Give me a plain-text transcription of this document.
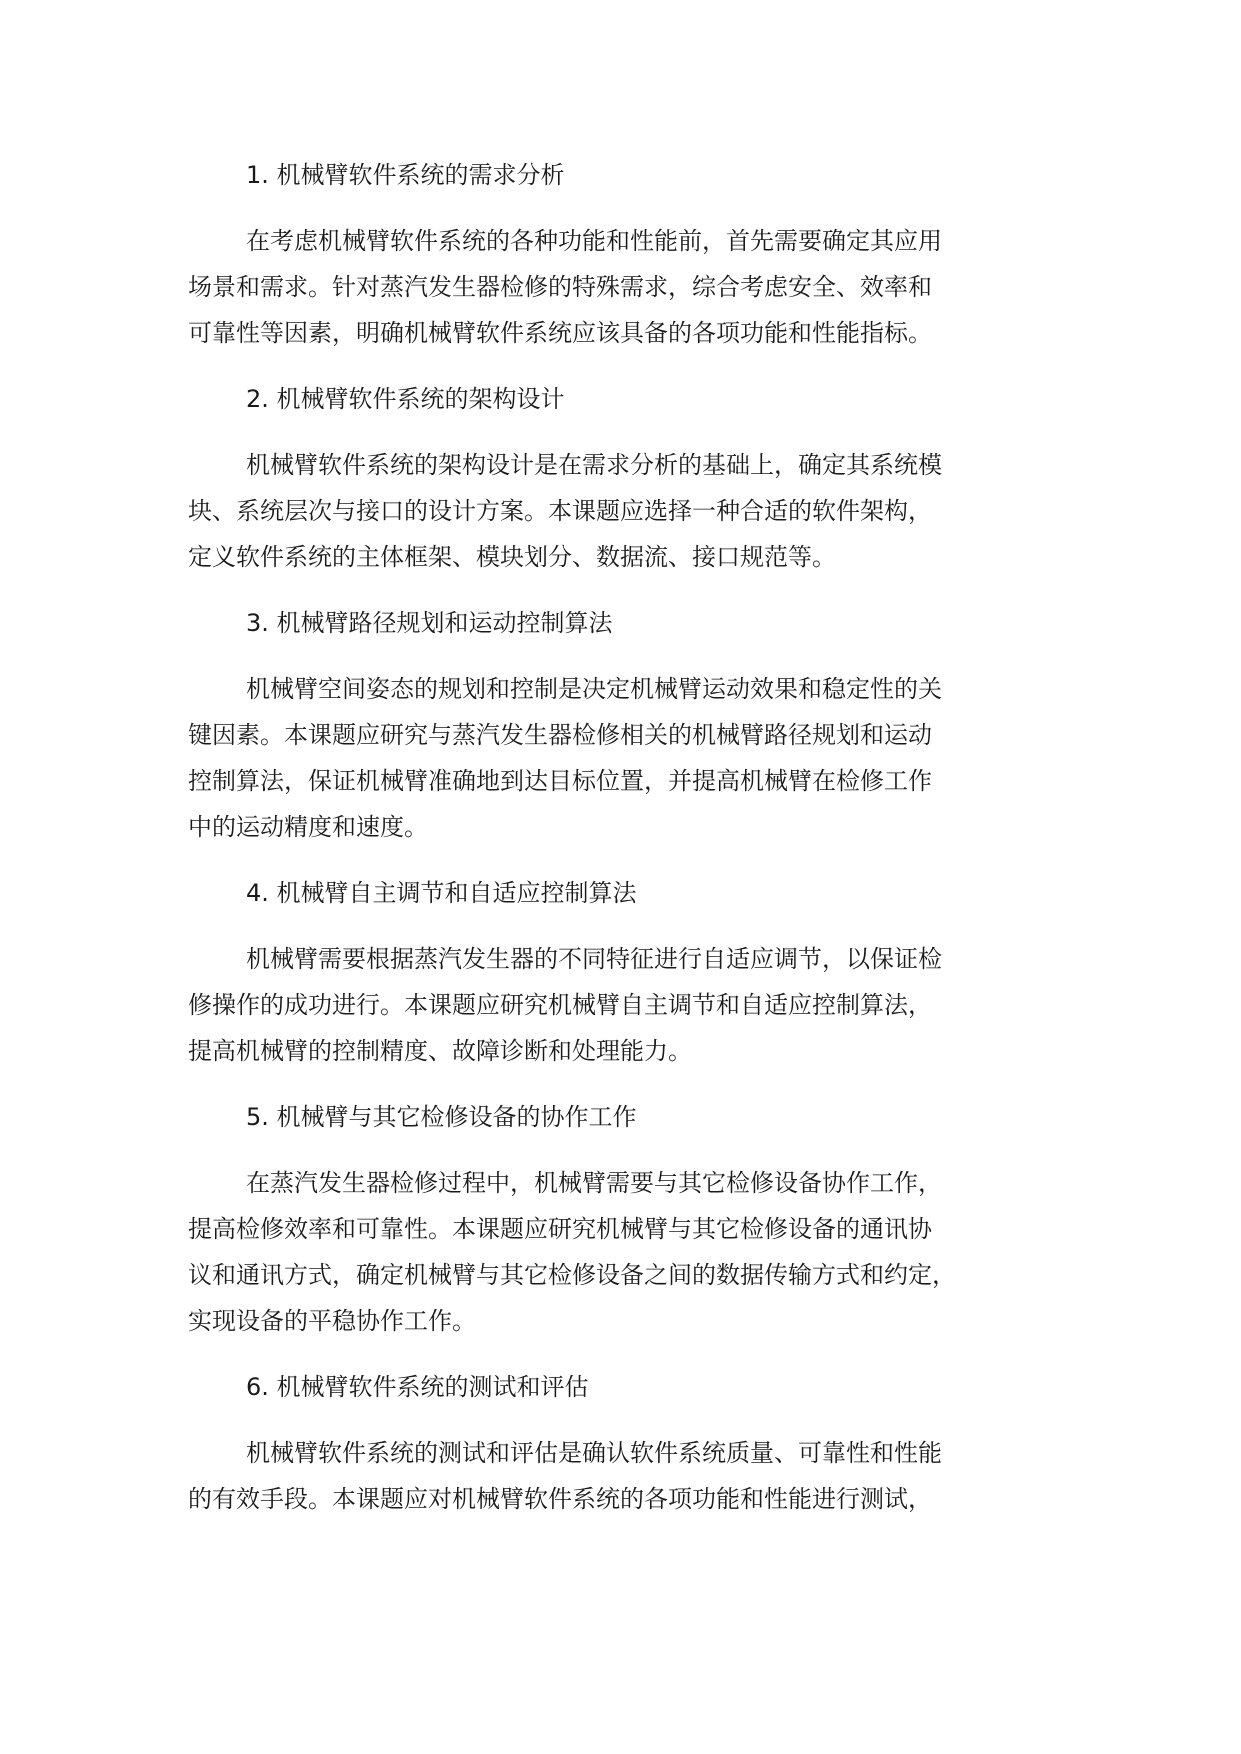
1. 机械臂软件系统的需求分析
在考虑机械臂软件系统的各种功能和性能前，首先需要确定其应用
场景和需求。针对蒸汽发生器检修的特殊需求，综合考虑安全、效率和
可靠性等因素，明确机械臂软件系统应该具备的各项功能和性能指标。
2. 机械臂软件系统的架构设计
机械臂软件系统的架构设计是在需求分析的基础上，确定其系统模
块、系统层次与接口的设计方案。本课题应选择一种合适的软件架构，
定义软件系统的主体框架、模块划分、数据流、接口规范等。
3. 机械臂路径规划和运动控制算法
机械臂空间姿态的规划和控制是决定机械臂运动效果和稳定性的关
键因素。本课题应研究与蒸汽发生器检修相关的机械臂路径规划和运动
控制算法，保证机械臂准确地到达目标位置，并提高机械臂在检修工作
中的运动精度和速度。
4. 机械臂自主调节和自适应控制算法
机械臂需要根据蒸汽发生器的不同特征进行自适应调节，以保证检
修操作的成功进行。本课题应研究机械臂自主调节和自适应控制算法，
提高机械臂的控制精度、故障诊断和处理能力。
5. 机械臂与其它检修设备的协作工作
在蒸汽发生器检修过程中，机械臂需要与其它检修设备协作工作，
提高检修效率和可靠性。本课题应研究机械臂与其它检修设备的通讯协
议和通讯方式，确定机械臂与其它检修设备之间的数据传输方式和约定，
实现设备的平稳协作工作。
6. 机械臂软件系统的测试和评估
机械臂软件系统的测试和评估是确认软件系统质量、可靠性和性能
的有效手段。本课题应对机械臂软件系统的各项功能和性能进行测试，
